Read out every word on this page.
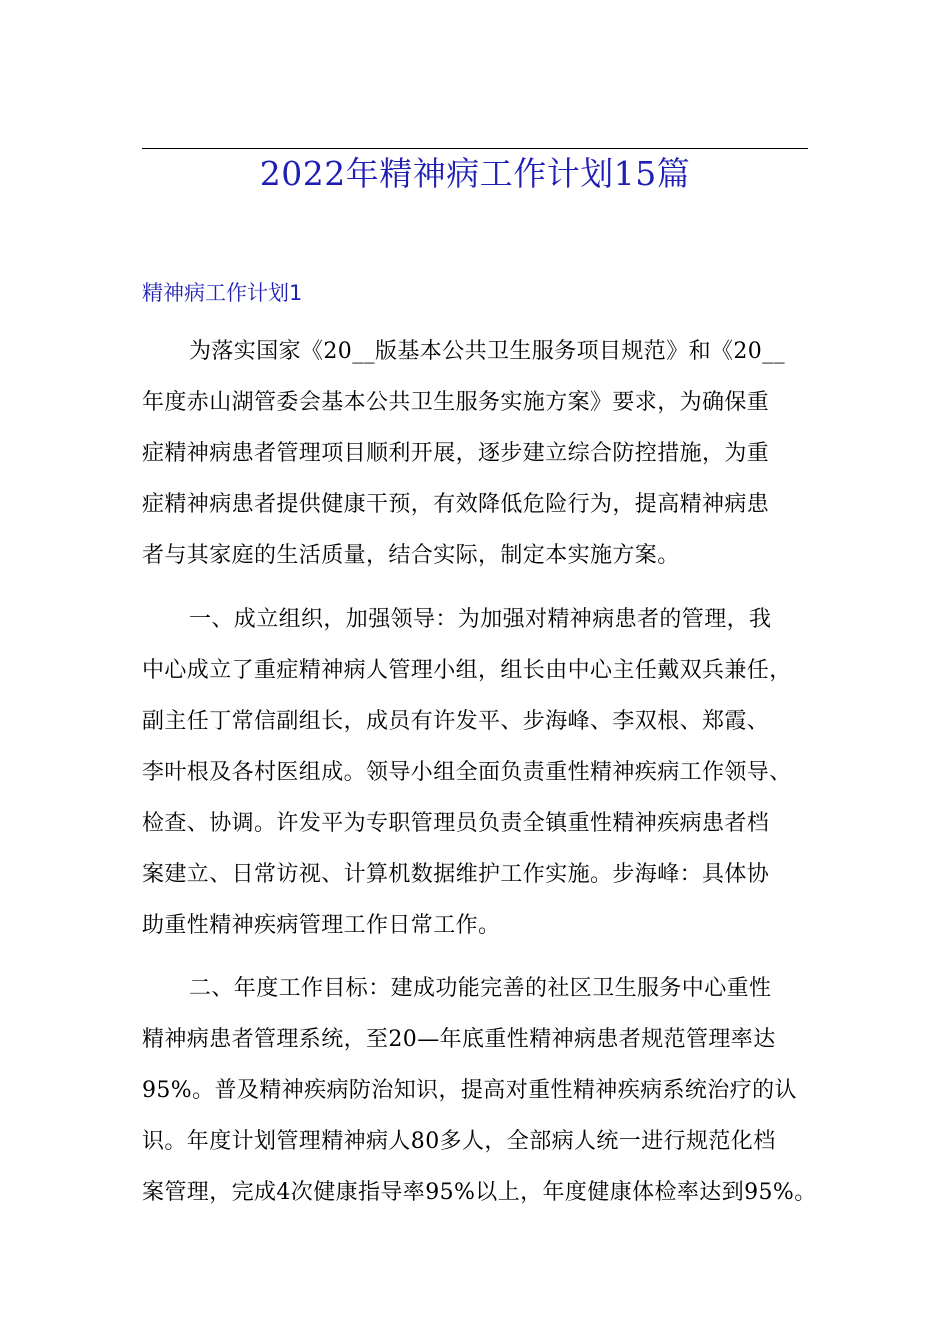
2022年精神病工作计划15篇
精神病工作计划1
为落实国家《20__版基本公共卫生服务项目规范》和《20__
年度赤山湖管委会基本公共卫生服务实施方案》要求，为确保重
症精神病患者管理项目顺利开展，逐步建立综合防控措施，为重
症精神病患者提供健康干预，有效降低危险行为，提高精神病患
者与其家庭的生活质量，结合实际，制定本实施方案。
一、成立组织，加强领导：为加强对精神病患者的管理，我
中心成立了重症精神病人管理小组，组长由中心主任戴双兵兼任，
副主任丁常信副组长，成员有许发平、步海峰、李双根、郑霞、
李叶根及各村医组成。领导小组全面负责重性精神疾病工作领导、
检查、协调。许发平为专职管理员负责全镇重性精神疾病患者档
案建立、日常访视、计算机数据维护工作实施。步海峰：具体协
助重性精神疾病管理工作日常工作。
二、年度工作目标：建成功能完善的社区卫生服务中心重性
精神病患者管理系统，至20—年底重性精神病患者规范管理率达
95%。普及精神疾病防治知识，提高对重性精神疾病系统治疗的认
识。年度计划管理精神病人80多人，全部病人统一进行规范化档
案管理，完成4次健康指导率95%以上，年度健康体检率达到95%。
